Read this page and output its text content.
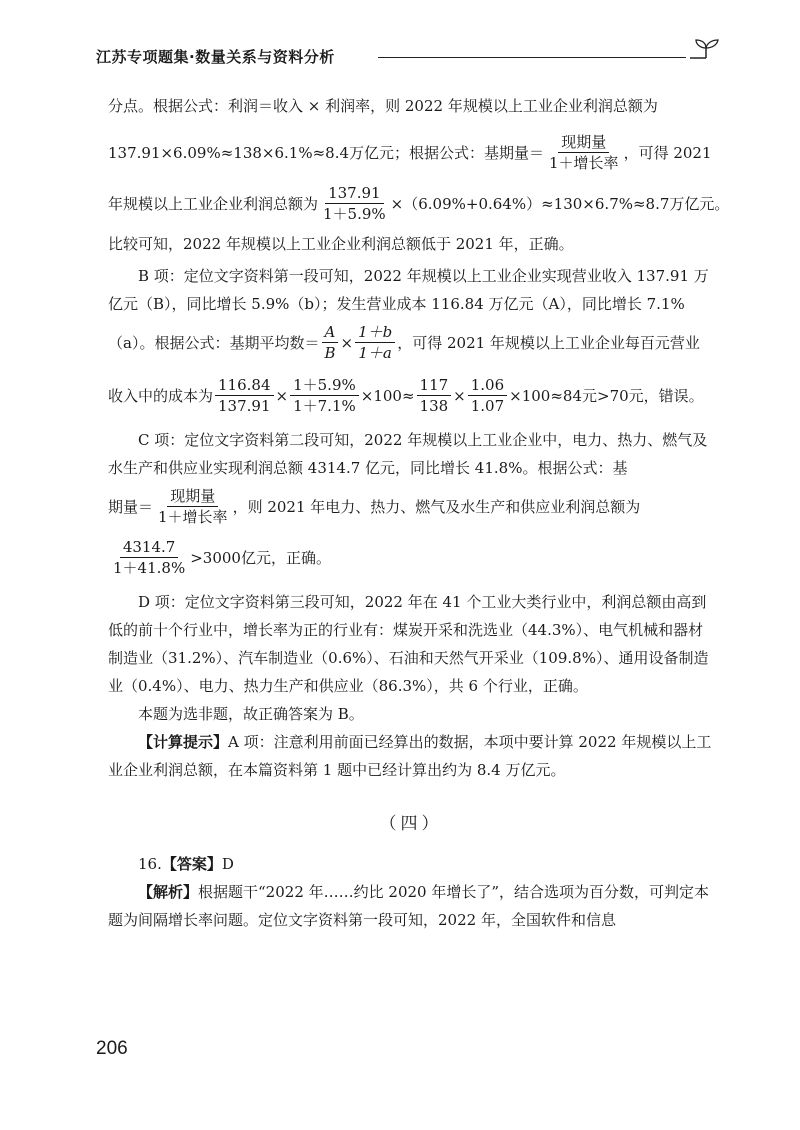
江苏专项题集·数量关系与资料分析

分点。根据公式：利润＝收入 × 利润率，则 2022 年规模以上工业企业利润总额为

137.91×6.09%≈138×6.1%≈8.4万亿元；根据公式：基期量＝ $\frac{\text{现期量}}{\text{1＋增长率}}$ ，可得 2021
年规模以上工业企业利润总额为 $\frac{137.91}{1+5.9\%} \times(6.09\%+0.64\%)\approx 130\times 6.7\%\approx 8.7$万亿元。

比较可知，2022 年规模以上工业企业利润总额低于 2021 年，正确。

B 项：定位文字资料第一段可知，2022 年规模以上工业企业实现营业收入 137.91 万亿元（B），同比增长 5.9%（b）；发生营业成本 116.84 万亿元（A），同比增长 7.1%

（a）。根据公式：基期平均数＝ $\frac{A}{B} \times \frac{1+b}{1+a}$ ，可得 2021 年规模以上工业企业每百元营业
收入中的成本为 $\frac{116.84}{137.91} \times \frac{1+5.9\%}{1+7.1\%} \times 100\approx \frac{117}{138} \times \frac{1.06}{1.07} \times 100\approx 84$元>70元，错误。

C 项：定位文字资料第二段可知，2022 年规模以上工业企业中，电力、热力、燃气及水生产和供应业实现利润总额 4314.7 亿元，同比增长 41.8%。根据公式：基

期量＝ $\frac{\text{现期量}}{\text{1＋增长率}}$ ，则 2021 年电力、热力、燃气及水生产和供应业利润总额为
$\frac{4314.7}{1+41.8\%} >3000$亿元，正确。

D 项：定位文字资料第三段可知，2022 年在 41 个工业大类行业中，利润总额由高到低的前十个行业中，增长率为正的行业有：煤炭开采和洗选业（44.3%）、电气机械和器材制造业（31.2%）、汽车制造业（0.6%）、石油和天然气开采业（109.8%）、通用设备制造业（0.4%）、电力、热力生产和供应业（86.3%），共 6 个行业，正确。

本题为选非题，故正确答案为 B。

【计算提示】A 项：注意利用前面已经算出的数据，本项中要计算 2022 年规模以上工业企业利润总额，在本篇资料第 1 题中已经计算出约为 8.4 万亿元。

（四）

16.【答案】D

【解析】根据题干“2022 年……约比 2020 年增长了”，结合选项为百分数，可判定本题为间隔增长率问题。定位文字资料第一段可知，2022 年，全国软件和信息

206
